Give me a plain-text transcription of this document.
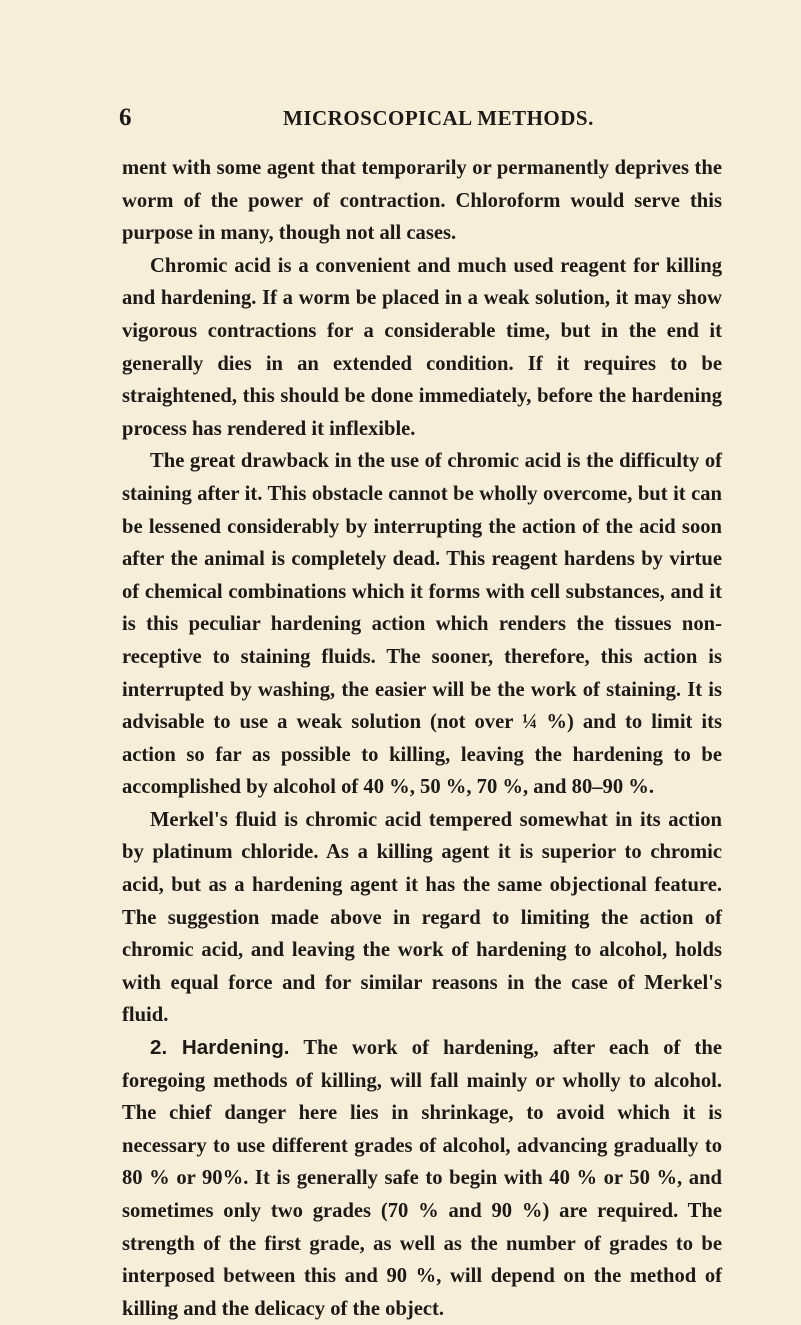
6	MICROSCOPICAL METHODS.

ment with some agent that temporarily or permanently deprives the worm of the power of contraction. Chloroform would serve this purpose in many, though not all cases.

Chromic acid is a convenient and much used reagent for killing and hardening. If a worm be placed in a weak solution, it may show vigorous contractions for a considerable time, but in the end it generally dies in an extended condition. If it requires to be straightened, this should be done immediately, before the hardening process has rendered it inflexible.

The great drawback in the use of chromic acid is the difficulty of staining after it. This obstacle cannot be wholly overcome, but it can be lessened considerably by interrupting the action of the acid soon after the animal is completely dead. This reagent hardens by virtue of chemical combinations which it forms with cell substances, and it is this peculiar hardening action which renders the tissues non-receptive to staining fluids. The sooner, therefore, this action is interrupted by washing, the easier will be the work of staining. It is advisable to use a weak solution (not over ¼ %) and to limit its action so far as possible to killing, leaving the hardening to be accomplished by alcohol of 40 %, 50 %, 70 %, and 80–90 %.

Merkel's fluid is chromic acid tempered somewhat in its action by platinum chloride. As a killing agent it is superior to chromic acid, but as a hardening agent it has the same objectional feature. The suggestion made above in regard to limiting the action of chromic acid, and leaving the work of hardening to alcohol, holds with equal force and for similar reasons in the case of Merkel's fluid.

2. Hardening. The work of hardening, after each of the foregoing methods of killing, will fall mainly or wholly to alcohol. The chief danger here lies in shrinkage, to avoid which it is necessary to use different grades of alcohol, advancing gradually to 80 % or 90%. It is generally safe to begin with 40 % or 50 %, and sometimes only two grades (70 % and 90 %) are required. The strength of the first grade, as well as the number of grades to be interposed between this and 90 %, will depend on the method of killing and the delicacy of the object.
